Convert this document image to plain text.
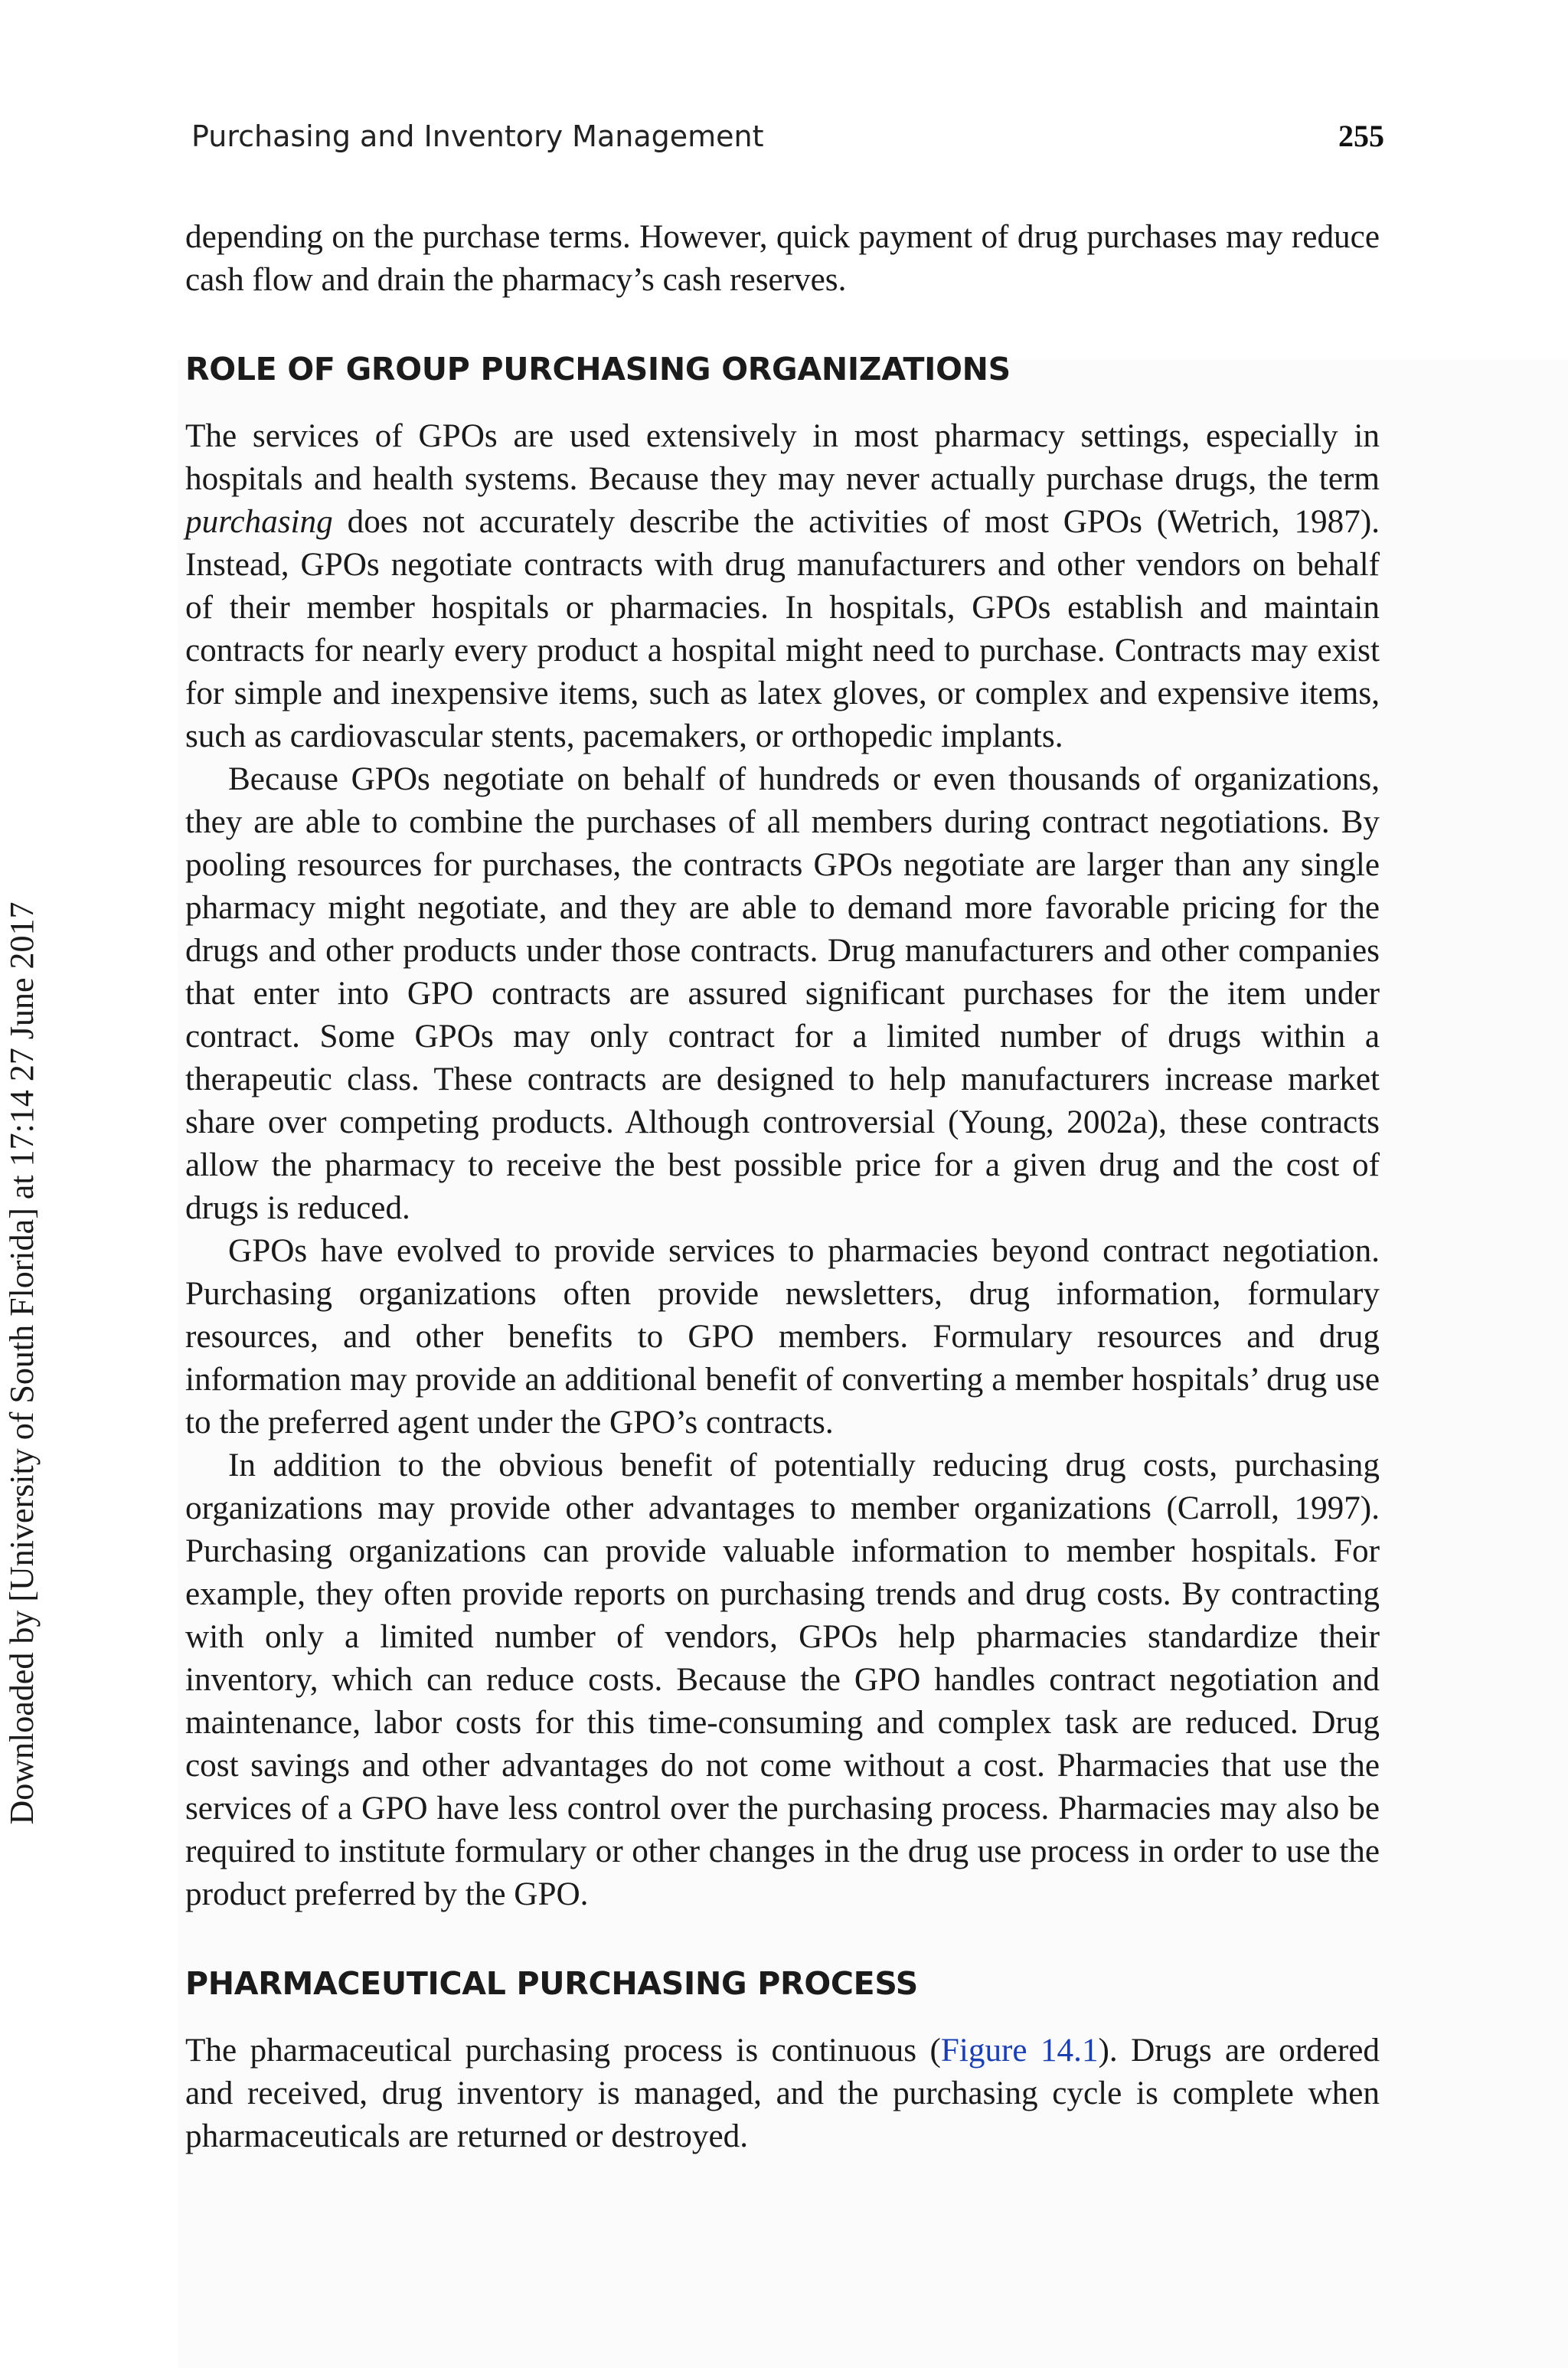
Downloaded by [University of South Florida] at 17:14 27 June 2017
Purchasing and Inventory Management	255

depending on the purchase terms. However, quick payment of drug purchases may reduce cash flow and drain the pharmacy’s cash reserves.

ROLE OF GROUP PURCHASING ORGANIZATIONS

The services of GPOs are used extensively in most pharmacy settings, especially in hospitals and health systems. Because they may never actually purchase drugs, the term purchasing does not accurately describe the activities of most GPOs (Wetrich, 1987). Instead, GPOs negotiate contracts with drug manufacturers and other vendors on behalf of their member hospitals or pharmacies. In hospitals, GPOs establish and maintain contracts for nearly every product a hospital might need to purchase. Contracts may exist for simple and inexpensive items, such as latex gloves, or complex and expensive items, such as cardiovascular stents, pacemakers, or orthopedic implants.

Because GPOs negotiate on behalf of hundreds or even thousands of organizations, they are able to combine the purchases of all members during contract negotiations. By pooling resources for purchases, the contracts GPOs negotiate are larger than any single pharmacy might negotiate, and they are able to demand more favorable pricing for the drugs and other products under those contracts. Drug manufacturers and other companies that enter into GPO contracts are assured significant purchases for the item under contract. Some GPOs may only contract for a limited number of drugs within a therapeutic class. These contracts are designed to help manufacturers increase market share over competing products. Although controversial (Young, 2002a), these contracts allow the pharmacy to receive the best possible price for a given drug and the cost of drugs is reduced.

GPOs have evolved to provide services to pharmacies beyond contract negotiation. Purchasing organizations often provide newsletters, drug information, formulary resources, and other benefits to GPO members. Formulary resources and drug information may provide an additional benefit of converting a member hospitals’ drug use to the preferred agent under the GPO’s contracts.

In addition to the obvious benefit of potentially reducing drug costs, purchasing organizations may provide other advantages to member organizations (Carroll, 1997). Purchasing organizations can provide valuable information to member hospitals. For example, they often provide reports on purchasing trends and drug costs. By contracting with only a limited number of vendors, GPOs help pharmacies standardize their inventory, which can reduce costs. Because the GPO handles contract negotiation and maintenance, labor costs for this time-consuming and complex task are reduced. Drug cost savings and other advantages do not come without a cost. Pharmacies that use the services of a GPO have less control over the purchasing process. Pharmacies may also be required to institute formulary or other changes in the drug use process in order to use the product preferred by the GPO.

PHARMACEUTICAL PURCHASING PROCESS

The pharmaceutical purchasing process is continuous (Figure 14.1). Drugs are ordered and received, drug inventory is managed, and the purchasing cycle is complete when pharmaceuticals are returned or destroyed.
